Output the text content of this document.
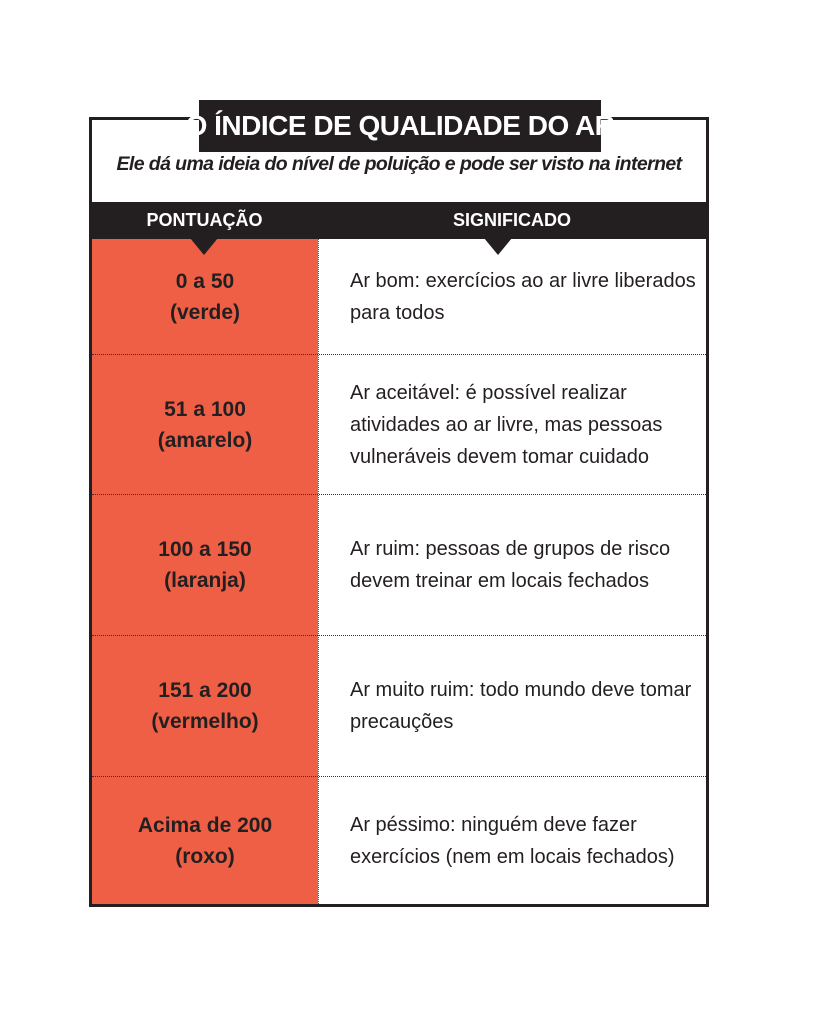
O ÍNDICE DE QUALIDADE DO AR
Ele dá uma ideia do nível de poluição e pode ser visto na internet
PONTUAÇÃO	SIGNIFICADO
0 a 50
(verde)
Ar bom: exercícios ao ar livre liberados para todos
51 a 100
(amarelo)
Ar aceitável: é possível realizar atividades ao ar livre, mas pessoas vulneráveis devem tomar cuidado
100 a 150
(laranja)
Ar ruim: pessoas de grupos de risco devem treinar em locais fechados
151 a 200
(vermelho)
Ar muito ruim: todo mundo deve tomar precauções
Acima de 200
(roxo)
Ar péssimo: ninguém deve fazer exercícios (nem em locais fechados)
